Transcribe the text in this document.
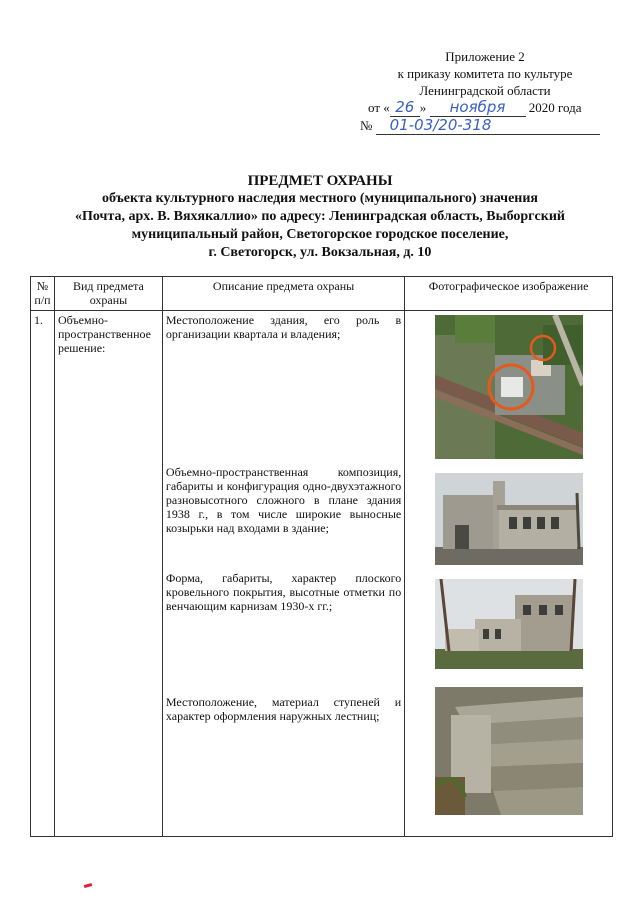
Приложение 2
к приказу комитета по культуре
Ленинградской области
от « 26 » ноября 2020 года
№ 01-03/20-318
ПРЕДМЕТ ОХРАНЫ
объекта культурного наследия местного (муниципального) значения
«Почта, арх. В. Вяхякаллио» по адресу: Ленинградская область, Выборгский
муниципальный район, Светогорское городское поселение,
г. Светогорск, ул. Вокзальная, д. 10
№ п/п	Вид предмета охраны	Описание предмета охраны	Фотографическое изображение
1.	Объемно-пространственное решение:	Местоположение здания, его роль в организации квартала и владения;

Объемно-пространственная композиция, габариты и конфигурация одно-двухэтажного разновысотного сложного в плане здания 1938 г., в том числе широкие выносные козырьки над входами в здание;

Форма, габариты, характер плоского кровельного покрытия, высотные отметки по венчающим карнизам 1930-х гг.;

Местоположение, материал ступеней и характер оформления наружных лестниц;
